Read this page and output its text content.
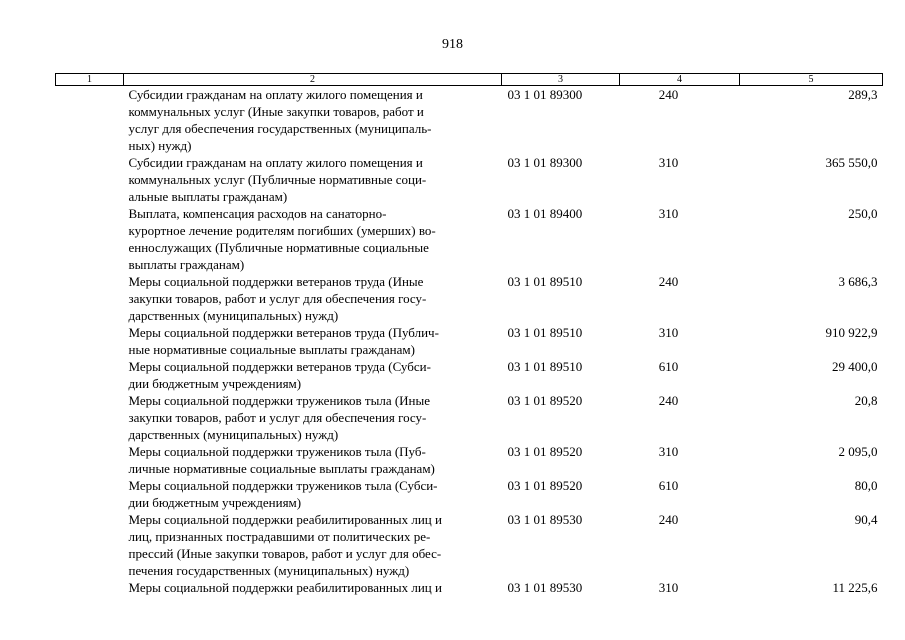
918
1	2	3	4	5

	Субсидии гражданам на оплату жилого помещения и
коммунальных услуг (Иные закупки товаров, работ и
услуг для обеспечения государственных (муниципаль-
ных) нужд)	03 1 01 89300	240	289,3

	Субсидии гражданам на оплату жилого помещения и
коммунальных услуг (Публичные нормативные соци-
альные выплаты гражданам)	03 1 01 89300	310	365 550,0

	Выплата, компенсация расходов на санаторно-
курортное лечение родителям погибших (умерших) во-
еннослужащих (Публичные нормативные социальные
выплаты гражданам)	03 1 01 89400	310	250,0

	Меры социальной поддержки ветеранов труда (Иные
закупки товаров, работ и услуг для обеспечения госу-
дарственных (муниципальных) нужд)	03 1 01 89510	240	3 686,3

	Меры социальной поддержки ветеранов труда (Публич-
ные нормативные социальные выплаты гражданам)	03 1 01 89510	310	910 922,9

	Меры социальной поддержки ветеранов труда (Субси-
дии бюджетным учреждениям)	03 1 01 89510	610	29 400,0

	Меры социальной поддержки тружеников тыла (Иные
закупки товаров, работ и услуг для обеспечения госу-
дарственных (муниципальных) нужд)	03 1 01 89520	240	20,8

	Меры социальной поддержки тружеников тыла (Пуб-
личные нормативные социальные выплаты гражданам)	03 1 01 89520	310	2 095,0

	Меры социальной поддержки тружеников тыла (Субси-
дии бюджетным учреждениям)	03 1 01 89520	610	80,0

	Меры социальной поддержки реабилитированных лиц и
лиц, признанных пострадавшими от политических ре-
прессий (Иные закупки товаров, работ и услуг для обес-
печения государственных (муниципальных) нужд)	03 1 01 89530	240	90,4

	Меры социальной поддержки реабилитированных лиц и	03 1 01 89530	310	11 225,6
